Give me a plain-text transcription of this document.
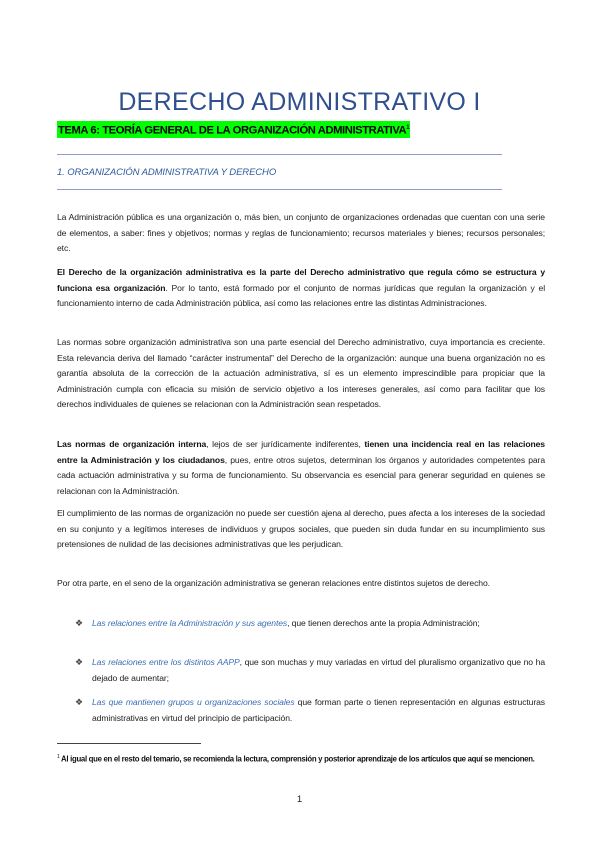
DERECHO ADMINISTRATIVO I
TEMA 6: TEORÍA GENERAL DE LA ORGANIZACIÓN ADMINISTRATIVA$^1$
1. ORGANIZACIÓN ADMINISTRATIVA Y DERECHO

La Administración pública es una organización o, más bien, un conjunto de organizaciones ordenadas que cuentan con una serie de elementos, a saber: fines y objetivos; normas y reglas de funcionamiento; recursos materiales y bienes; recursos personales; etc.

El Derecho de la organización administrativa es la parte del Derecho administrativo que regula cómo se estructura y funciona esa organización. Por lo tanto, está formado por el conjunto de normas jurídicas que regulan la organización y el funcionamiento interno de cada Administración pública, así como las relaciones entre las distintas Administraciones.

Las normas sobre organización administrativa son una parte esencial del Derecho administrativo, cuya importancia es creciente. Esta relevancia deriva del llamado “carácter instrumental” del Derecho de la organización: aunque una buena organización no es garantía absoluta de la corrección de la actuación administrativa, sí es un elemento imprescindible para propiciar que la Administración cumpla con eficacia su misión de servicio objetivo a los intereses generales, así como para facilitar que los derechos individuales de quienes se relacionan con la Administración sean respetados.

Las normas de organización interna, lejos de ser jurídicamente indiferentes, tienen una incidencia real en las relaciones entre la Administración y los ciudadanos, pues, entre otros sujetos, determinan los órganos y autoridades competentes para cada actuación administrativa y su forma de funcionamiento. Su observancia es esencial para generar seguridad en quienes se relacionan con la Administración.

El cumplimiento de las normas de organización no puede ser cuestión ajena al derecho, pues afecta a los intereses de la sociedad en su conjunto y a legítimos intereses de individuos y grupos sociales, que pueden sin duda fundar en su incumplimiento sus pretensiones de nulidad de las decisiones administrativas que les perjudican.

Por otra parte, en el seno de la organización administrativa se generan relaciones entre distintos sujetos de derecho.

❖ Las relaciones entre la Administración y sus agentes, que tienen derechos ante la propia Administración;
❖ Las relaciones entre los distintos AAPP, que son muchas y muy variadas en virtud del pluralismo organizativo que no ha dejado de aumentar;
❖ Las que mantienen grupos u organizaciones sociales que forman parte o tienen representación en algunas estructuras administrativas en virtud del principio de participación.
$^1$ Al igual que en el resto del temario, se recomienda la lectura, comprensión y posterior aprendizaje de los artículos que aquí se mencionen.
1
